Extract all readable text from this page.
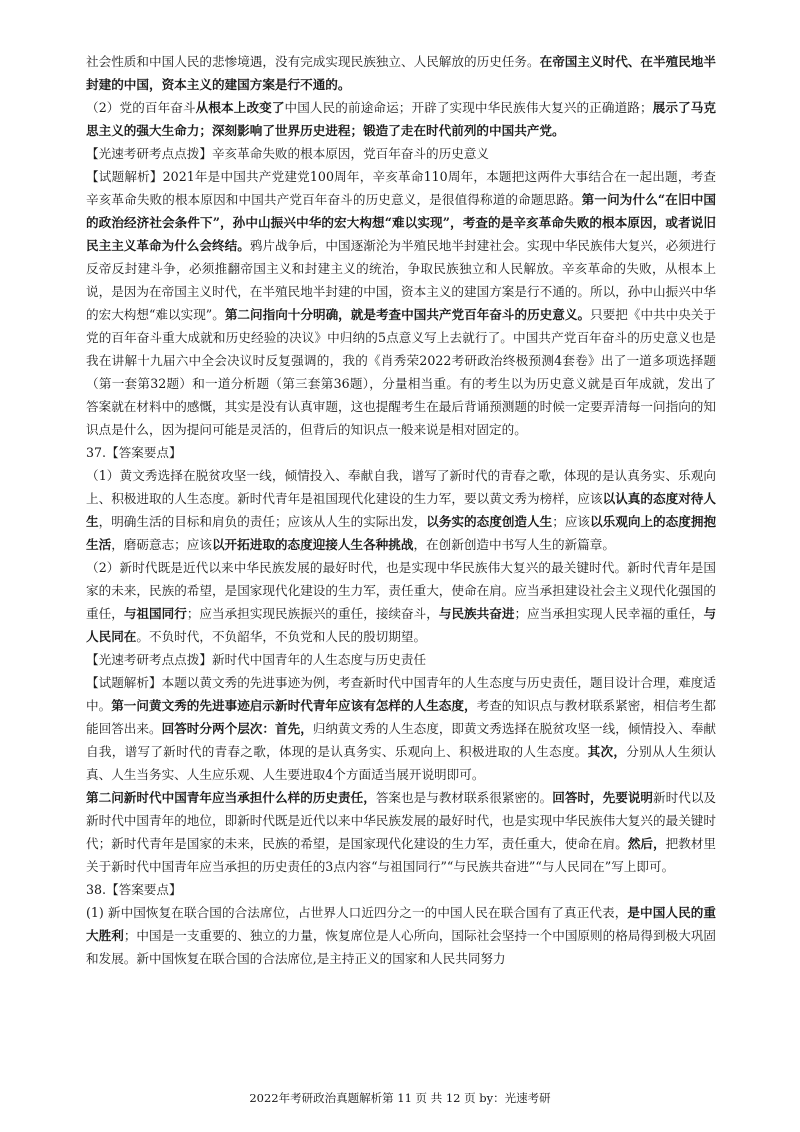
社会性质和中国人民的悲惨境遇，没有完成实现民族独立、人民解放的历史任务。在帝国主义时代、在半殖民地半封建的中国，资本主义的建国方案是行不通的。

（2）党的百年奋斗从根本上改变了中国人民的前途命运；开辟了实现中华民族伟大复兴的正确道路；展示了马克思主义的强大生命力；深刻影响了世界历史进程；锻造了走在时代前列的中国共产党。

【光速考研考点点拨】辛亥革命失败的根本原因，党百年奋斗的历史意义

【试题解析】2021年是中国共产党建党100周年，辛亥革命110周年，本题把这两件大事结合在一起出题，考查辛亥革命失败的根本原因和中国共产党百年奋斗的历史意义，是很值得称道的命题思路。第一问为什么“在旧中国的政治经济社会条件下”，孙中山振兴中华的宏大构想“难以实现”，考查的是辛亥革命失败的根本原因，或者说旧民主主义革命为什么会终结。鸦片战争后，中国逐渐沦为半殖民地半封建社会。实现中华民族伟大复兴，必须进行反帝反封建斗争，必须推翻帝国主义和封建主义的统治，争取民族独立和人民解放。辛亥革命的失败，从根本上说，是因为在帝国主义时代，在半殖民地半封建的中国，资本主义的建国方案是行不通的。所以，孙中山振兴中华的宏大构想“难以实现”。第二问指向十分明确，就是考查中国共产党百年奋斗的历史意义。只要把《中共中央关于党的百年奋斗重大成就和历史经验的决议》中归纳的5点意义写上去就行了。中国共产党百年奋斗的历史意义也是我在讲解十九届六中全会决议时反复强调的，我的《肖秀荣2022考研政治终极预测4套卷》出了一道多项选择题（第一套第32题）和一道分析题（第三套第36题），分量相当重。有的考生以为历史意义就是百年成就，发出了答案就在材料中的感慨，其实是没有认真审题，这也提醒考生在最后背诵预测题的时候一定要弄清每一问指向的知识点是什么，因为提问可能是灵活的，但背后的知识点一般来说是相对固定的。

37.【答案要点】

（1）黄文秀选择在脱贫攻坚一线，倾情投入、奉献自我，谱写了新时代的青春之歌，体现的是认真务实、乐观向上、积极进取的人生态度。新时代青年是祖国现代化建设的生力军，要以黄文秀为榜样，应该以认真的态度对待人生，明确生活的目标和肩负的责任；应该从人生的实际出发，以务实的态度创造人生；应该以乐观向上的态度拥抱生活，磨砺意志；应该以开拓进取的态度迎接人生各种挑战，在创新创造中书写人生的新篇章。

（2）新时代既是近代以来中华民族发展的最好时代，也是实现中华民族伟大复兴的最关键时代。新时代青年是国家的未来，民族的希望，是国家现代化建设的生力军，责任重大，使命在肩。应当承担建设社会主义现代化强国的重任，与祖国同行；应当承担实现民族振兴的重任，接续奋斗，与民族共奋进；应当承担实现人民幸福的重任，与人民同在。不负时代，不负韶华，不负党和人民的殷切期望。

【光速考研考点点拨】新时代中国青年的人生态度与历史责任

【试题解析】本题以黄文秀的先进事迹为例，考查新时代中国青年的人生态度与历史责任，题目设计合理，难度适中。第一问黄文秀的先进事迹启示新时代青年应该有怎样的人生态度，考查的知识点与教材联系紧密，相信考生都能回答出来。回答时分两个层次：首先，归纳黄文秀的人生态度，即黄文秀选择在脱贫攻坚一线，倾情投入、奉献自我，谱写了新时代的青春之歌，体现的是认真务实、乐观向上、积极进取的人生态度。其次，分别从人生须认真、人生当务实、人生应乐观、人生要进取4个方面适当展开说明即可。

第二问新时代中国青年应当承担什么样的历史责任，答案也是与教材联系很紧密的。回答时，先要说明新时代以及新时代中国青年的地位，即新时代既是近代以来中华民族发展的最好时代，也是实现中华民族伟大复兴的最关键时代；新时代青年是国家的未来，民族的希望，是国家现代化建设的生力军，责任重大，使命在肩。然后，把教材里关于新时代中国青年应当承担的历史责任的3点内容“与祖国同行”“与民族共奋进”“与人民同在”写上即可。

38.【答案要点】

(1) 新中国恢复在联合国的合法席位，占世界人口近四分之一的中国人民在联合国有了真正代表，是中国人民的重大胜利；中国是一支重要的、独立的力量，恢复席位是人心所向，国际社会坚持一个中国原则的格局得到极大巩固和发展。新中国恢复在联合国的合法席位,是主持正义的国家和人民共同努力

2022年考研政治真题解析第 11 页 共 12 页 by：光速考研
